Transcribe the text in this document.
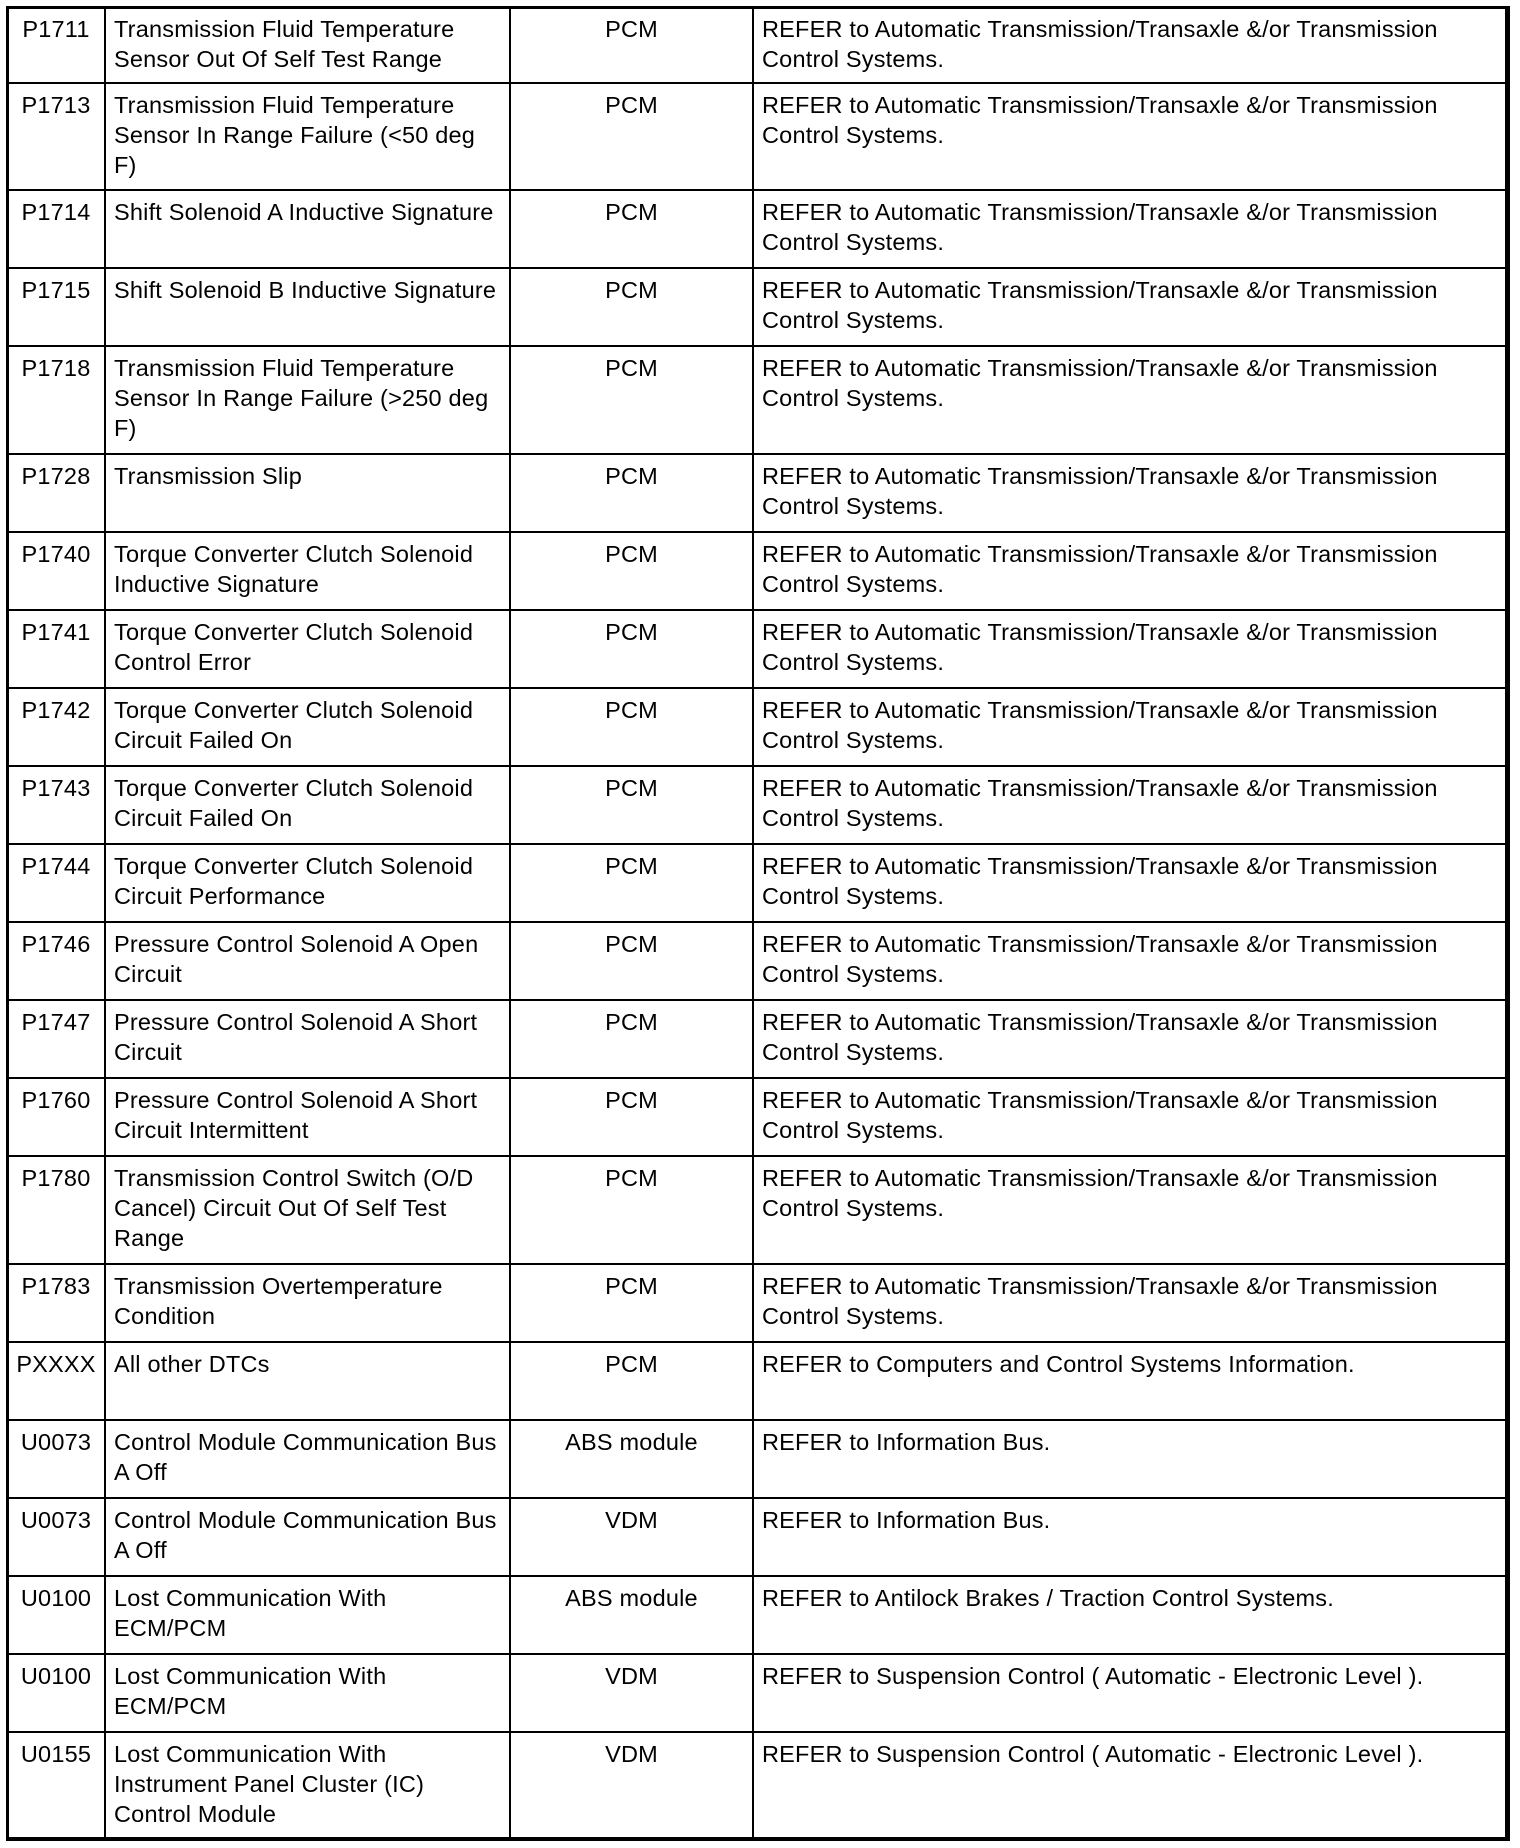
P1711	Transmission Fluid Temperature Sensor Out Of Self Test Range	PCM	REFER to Automatic Transmission/Transaxle &/or Transmission Control Systems.
P1713	Transmission Fluid Temperature Sensor In Range Failure (<50 deg F)	PCM	REFER to Automatic Transmission/Transaxle &/or Transmission Control Systems.
P1714	Shift Solenoid A Inductive Signature	PCM	REFER to Automatic Transmission/Transaxle &/or Transmission Control Systems.
P1715	Shift Solenoid B Inductive Signature	PCM	REFER to Automatic Transmission/Transaxle &/or Transmission Control Systems.
P1718	Transmission Fluid Temperature Sensor In Range Failure (>250 deg F)	PCM	REFER to Automatic Transmission/Transaxle &/or Transmission Control Systems.
P1728	Transmission Slip	PCM	REFER to Automatic Transmission/Transaxle &/or Transmission Control Systems.
P1740	Torque Converter Clutch Solenoid Inductive Signature	PCM	REFER to Automatic Transmission/Transaxle &/or Transmission Control Systems.
P1741	Torque Converter Clutch Solenoid Control Error	PCM	REFER to Automatic Transmission/Transaxle &/or Transmission Control Systems.
P1742	Torque Converter Clutch Solenoid Circuit Failed On	PCM	REFER to Automatic Transmission/Transaxle &/or Transmission Control Systems.
P1743	Torque Converter Clutch Solenoid Circuit Failed On	PCM	REFER to Automatic Transmission/Transaxle &/or Transmission Control Systems.
P1744	Torque Converter Clutch Solenoid Circuit Performance	PCM	REFER to Automatic Transmission/Transaxle &/or Transmission Control Systems.
P1746	Pressure Control Solenoid A Open Circuit	PCM	REFER to Automatic Transmission/Transaxle &/or Transmission Control Systems.
P1747	Pressure Control Solenoid A Short Circuit	PCM	REFER to Automatic Transmission/Transaxle &/or Transmission Control Systems.
P1760	Pressure Control Solenoid A Short Circuit Intermittent	PCM	REFER to Automatic Transmission/Transaxle &/or Transmission Control Systems.
P1780	Transmission Control Switch (O/D Cancel) Circuit Out Of Self Test Range	PCM	REFER to Automatic Transmission/Transaxle &/or Transmission Control Systems.
P1783	Transmission Overtemperature Condition	PCM	REFER to Automatic Transmission/Transaxle &/or Transmission Control Systems.
PXXXX	All other DTCs	PCM	REFER to Computers and Control Systems Information.
U0073	Control Module Communication Bus A Off	ABS module	REFER to Information Bus.
U0073	Control Module Communication Bus A Off	VDM	REFER to Information Bus.
U0100	Lost Communication With ECM/PCM	ABS module	REFER to Antilock Brakes / Traction Control Systems.
U0100	Lost Communication With ECM/PCM	VDM	REFER to Suspension Control ( Automatic - Electronic Level ).
U0155	Lost Communication With Instrument Panel Cluster (IC) Control Module	VDM	REFER to Suspension Control ( Automatic - Electronic Level ).
